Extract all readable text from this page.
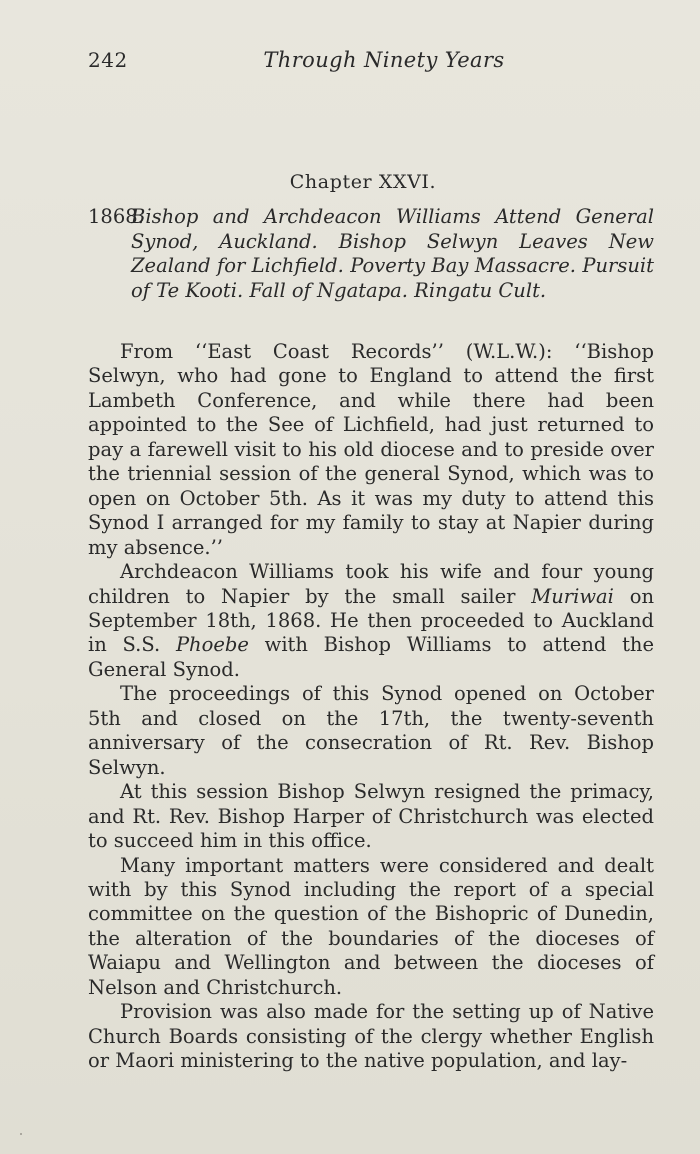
242	Through Ninety Years
Chapter XXVI.
1868.
Bishop and Archdeacon Williams Attend General Synod, Auckland. Bishop Selwyn Leaves New Zealand for Lichfield. Poverty Bay Massacre. Pursuit of Te Kooti. Fall of Ngatapa. Ringatu Cult.

From ‘‘East Coast Records’’ (W.L.W.): ‘‘Bishop Selwyn, who had gone to England to attend the first Lambeth Conference, and while there had been appointed to the See of Lichfield, had just returned to pay a farewell visit to his old diocese and to preside over the triennial session of the general Synod, which was to open on October 5th. As it was my duty to attend this Synod I arranged for my family to stay at Napier during my absence.’’

Archdeacon Williams took his wife and four young children to Napier by the small sailer Muriwai on September 18th, 1868. He then proceeded to Auckland in S.S. Phoebe with Bishop Williams to attend the General Synod.

The proceedings of this Synod opened on October 5th and closed on the 17th, the twenty-seventh anniversary of the consecration of Rt. Rev. Bishop Selwyn.

At this session Bishop Selwyn resigned the primacy, and Rt. Rev. Bishop Harper of Christchurch was elected to succeed him in this office.

Many important matters were considered and dealt with by this Synod including the report of a special committee on the question of the Bishopric of Dunedin, the alteration of the boundaries of the dioceses of Waiapu and Wellington and between the dioceses of Nelson and Christchurch.

Provision was also made for the setting up of Native Church Boards consisting of the clergy whether English or Maori ministering to the native population, and lay-
